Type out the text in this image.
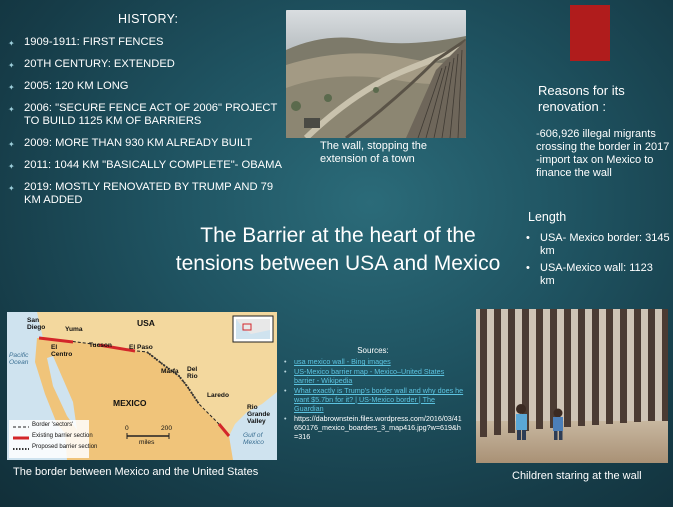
HISTORY:
✦ 1909-1911: FIRST FENCES
✦ 20TH CENTURY: EXTENDED
✦ 2005: 120 KM LONG
✦ 2006: "SECURE FENCE ACT OF 2006" PROJECT TO BUILD 1125 KM OF BARRIERS
✦ 2009: MORE THAN 930 KM ALREADY BUILT
✦ 2011: 1044 KM "BASICALLY COMPLETE"- OBAMA
✦ 2019: MOSTLY RENOVATED BY TRUMP AND 79 KM ADDED
The wall, stopping the extension of a town
Reasons for its renovation :
-606,926 illegal migrants crossing the border in 2017
-import tax on Mexico to finance the wall
Length
• USA- Mexico border: 3145 km
• USA-Mexico wall: 1123 km
The Barrier at the heart of the tensions between USA and Mexico
USA
MEXICO
Pacific Ocean
Gulf of Mexico
San Diego	Yuma
El Centro
Tucson	El Paso
Marfa Del Rio
Laredo
Rio Grande Valley
Border 'sectors'
Existing barrier section
Proposed barrier section
0	200
miles
The border between Mexico and the United States
Sources:
• usa mexico wall - Bing images
• US-Mexico barrier map - Mexico–United States barrier - Wikipedia
• What exactly is Trump's border wall and why does he want $5.7bn for it? | US-Mexico border | The Guardian
• https://dabrownstein.files.wordpress.com/2016/03/41650176_mexico_boarders_3_map416.jpg?w=619&h=316
Children staring at the wall
